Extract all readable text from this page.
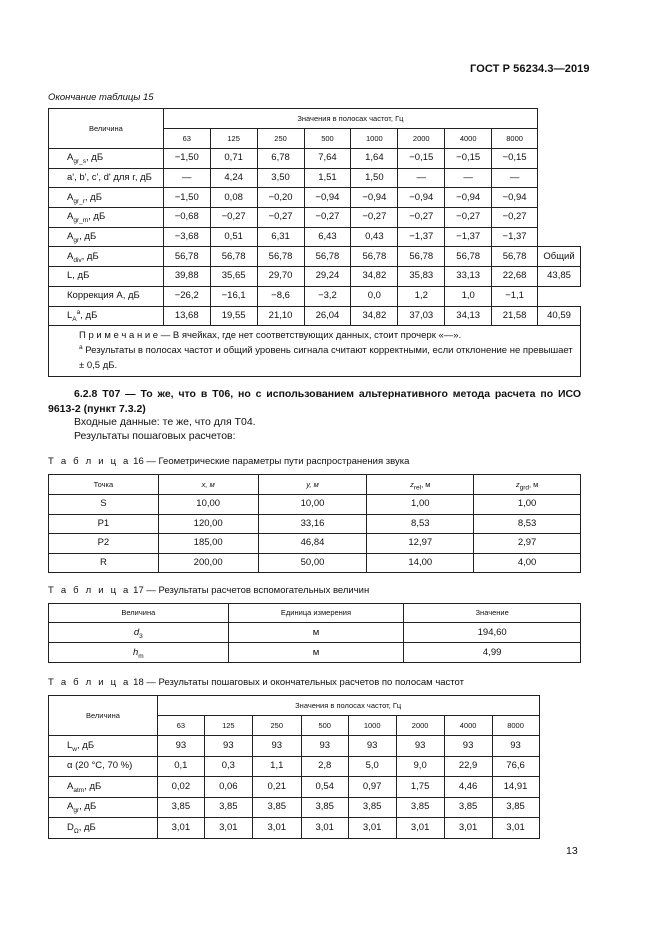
ГОСТ Р 56234.3—2019
Окончание таблицы 15
Величина	Значения в полосах частот, Гц								
	63	125	250	500	1000	2000	4000	8000	
$A_{gr\_s}$, дБ	−1,50	0,71	6,78	7,64	1,64	−0,15	−0,15	−0,15	
a', b', c', d' для r, дБ	—	4,24	3,50	1,51	1,50	—	—	—	
$A_{gr\_r}$, дБ	−1,50	0,08	−0,20	−0,94	−0,94	−0,94	−0,94	−0,94	
$A_{gr\_m}$, дБ	−0,68	−0,27	−0,27	−0,27	−0,27	−0,27	−0,27	−0,27	
$A_{gr}$, дБ	−3,68	0,51	6,31	6,43	0,43	−1,37	−1,37	−1,37	
$A_{div}$, дБ	56,78	56,78	56,78	56,78	56,78	56,78	56,78	56,78	Общий
L, дБ	39,88	35,65	29,70	29,24	34,82	35,83	33,13	22,68	43,85
Коррекция А, дБ	−26,2	−16,1	−8,6	−3,2	0,0	1,2	1,0	−1,1	
$L_A^a$, дБ	13,68	19,55	21,10	26,04	34,82	37,03	34,13	21,58	40,59

П р и м е ч а н и е — В ячейках, где нет соответствующих данных, стоит прочерк «—».
$^a$ Результаты в полосах частот и общий уровень сигнала считают корректными, если отклонение не превышает ± 0,5 дБ.									
6.2.8 Т07 — То же, что в Т06, но с использованием альтернативного метода расчета по ИСО 9613-2 (пункт 7.3.2)
Входные данные: те же, что для Т04.
Результаты пошаговых расчетов:
Т а б л и ц а 16 — Геометрические параметры пути распространения звука
Точка	x, м	y, м	$z_{rel}$, м	$z_{grd}$, м
S	10,00	10,00	1,00	1,00
P1	120,00	33,16	8,53	8,53
P2	185,00	46,84	12,97	2,97
R	200,00	50,00	14,00	4,00
Т а б л и ц а 17 — Результаты расчетов вспомогательных величин
Величина	Единица измерения	Значение
$d_3$	м	194,60
$h_m$	м	4,99
Т а б л и ц а 18 — Результаты пошаговых и окончательных расчетов по полосам частот
Величина	Значения в полосах частот, Гц								
	63	125	250	500	1000	2000	4000	8000	
$L_w$, дБ	93	93	93	93	93	93	93	93	
α (20 °С, 70 %)	0,1	0,3	1,1	2,8	5,0	9,0	22,9	76,6	
$A_{atm}$, дБ	0,02	0,06	0,21	0,54	0,97	1,75	4,46	14,91	
$A_{gr}$, дБ	3,85	3,85	3,85	3,85	3,85	3,85	3,85	3,85	
$D_\Omega$, дБ	3,01	3,01	3,01	3,01	3,01	3,01	3,01	3,01	
13
